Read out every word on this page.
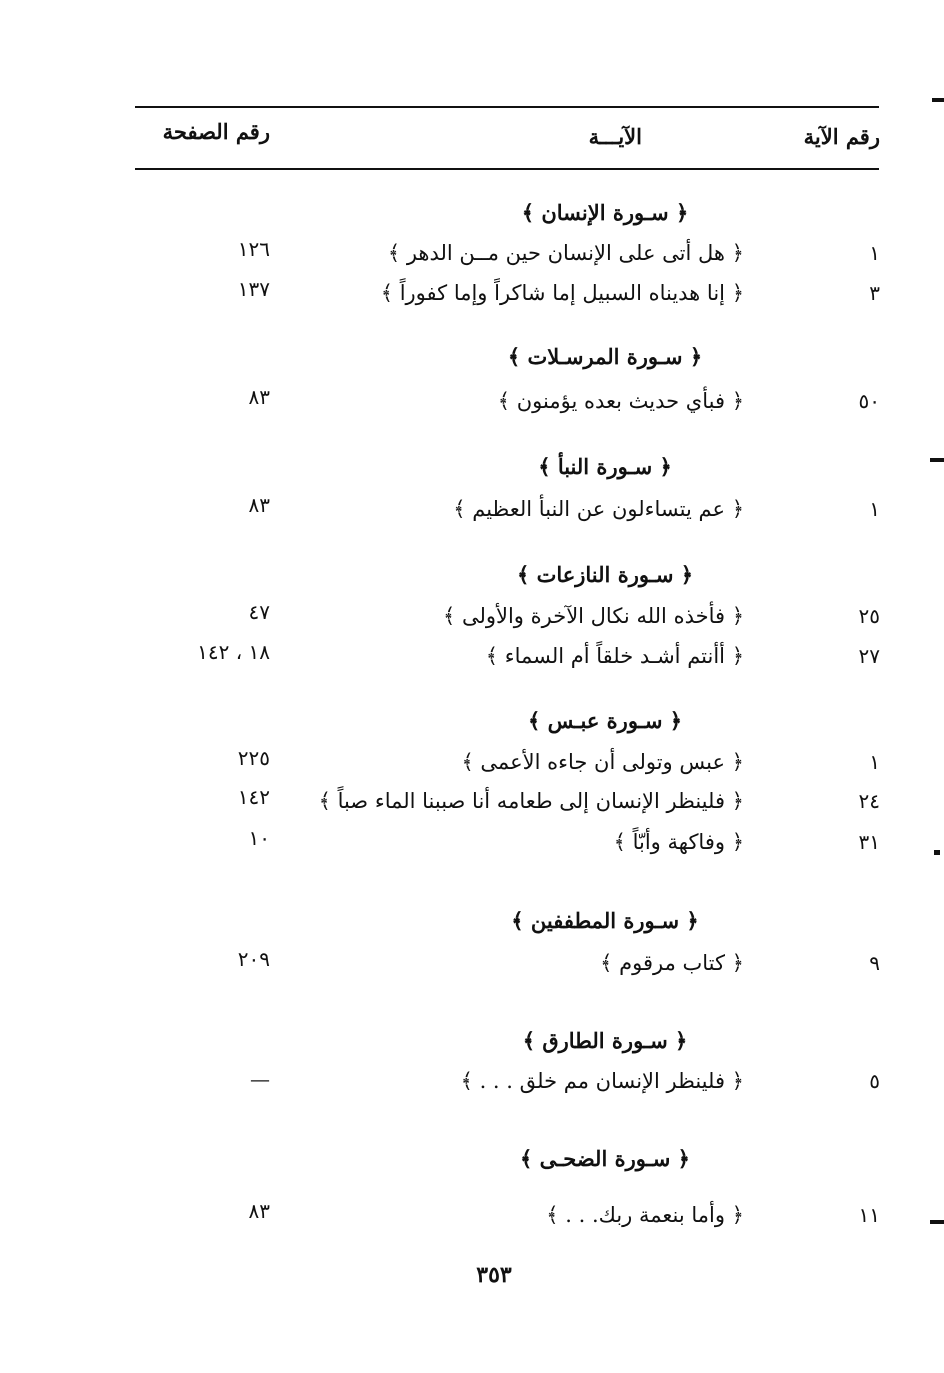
رقم الآية
الآيـــة
رقم الصفحة
﴿ سـورة الإنسان ﴾
١
﴿ هل أتى على الإنسان حين مــن الدهر ﴾
١٢٦
٣
﴿ إنا هديناه السبيل إما شاكراً وإما كفوراً ﴾
١٣٧
﴿ سـورة المرسـلات ﴾
٥٠
﴿ فبأي حديث بعده يؤمنون ﴾
٨٣
﴿ سـورة النبأ ﴾
١
﴿ عم يتساءلون عن النبأ العظيم ﴾
٨٣
﴿ سـورة النازعات ﴾
٢٥
﴿ فأخذه الله نكال الآخرة والأولى ﴾
٤٧
٢٧
﴿ أأنتم أشـد خلقاً أم السماء ﴾
١٨ ، ١٤٢
﴿ سـورة عبـس ﴾
١
﴿ عبس وتولى أن جاءه الأعمى ﴾
٢٢٥
٢٤
﴿ فلينظر الإنسان إلى طعامه أنا صببنا الماء صباً ﴾
١٤٢
٣١
﴿ وفاكهة وأبّاً ﴾
١٠
﴿ سـورة المطففين ﴾
٩
﴿ كتاب مرقوم ﴾
٢٠٩
﴿ سـورة الطارق ﴾
٥
﴿ فلينظر الإنسان مم خلق . . . ﴾
—
﴿ سـورة الضحـى ﴾
١١
﴿ وأما بنعمة ربك. . . ﴾
٨٣
٣٥٣
